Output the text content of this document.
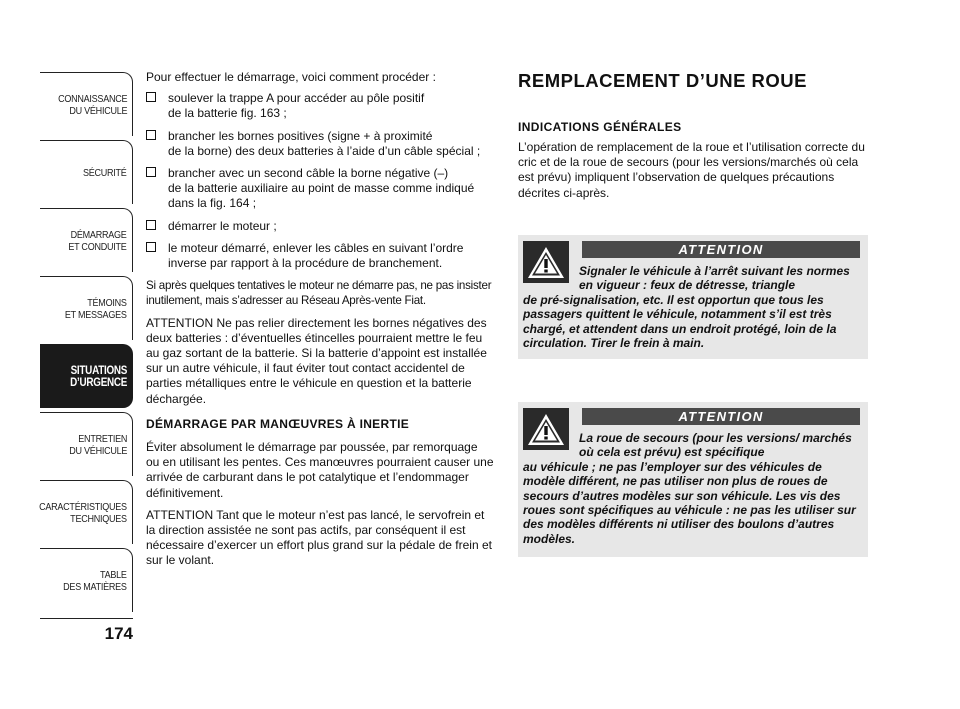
CONNAISSANCE
DU VÉHICULE
SÉCURITÉ
DÉMARRAGE
ET CONDUITE
TÉMOINS
ET MESSAGES
SITUATIONS
D’URGENCE
ENTRETIEN
DU VÉHICULE
CARACTÉRISTIQUES
TECHNIQUES
TABLE
DES MATIÈRES
174

Pour effectuer le démarrage, voici comment procéder :

soulever la trappe A pour accéder au pôle positif
de la batterie fig. 163 ;
brancher les bornes positives (signe + à proximité
de la borne) des deux batteries à l’aide d’un câble spécial ;
brancher avec un second câble la borne négative (–)
de la batterie auxiliaire au point de masse comme indiqué dans la fig. 164 ;
démarrer le moteur ;
le moteur démarré, enlever les câbles en suivant l’ordre
inverse par rapport à la procédure de branchement.

Si après quelques tentatives le moteur ne démarre pas, ne pas insister inutilement, mais s’adresser au Réseau Après-vente Fiat.

ATTENTION Ne pas relier directement les bornes négatives des deux batteries : d’éventuelles étincelles pourraient mettre le feu au gaz sortant de la batterie. Si la batterie d’appoint est installée sur un autre véhicule, il faut éviter tout contact accidentel de parties métalliques entre le véhicule en question et la batterie déchargée.

DÉMARRAGE PAR MANŒUVRES À INERTIE

Éviter absolument le démarrage par poussée, par remorquage ou en utilisant les pentes. Ces manœuvres pourraient causer une arrivée de carburant dans le pot catalytique et l’endommager définitivement.

ATTENTION Tant que le moteur n’est pas lancé, le servofrein et la direction assistée ne sont pas actifs, par conséquent il est nécessaire d’exercer un effort plus grand sur la pédale de frein et sur le volant.

REMPLACEMENT D’UNE ROUE
INDICATIONS GÉNÉRALES

L’opération de remplacement de la roue et l’utilisation correcte du cric et de la roue de secours (pour les versions/marchés où cela est prévu) impliquent l’observation de quelques précautions décrites ci-après.

ATTENTION
Signaler le véhicule à l’arrêt suivant les normes en vigueur : feux de détresse, triangle
de pré-signalisation, etc. Il est opportun que tous les passagers quittent le véhicule, notamment s’il est très chargé, et attendent dans un endroit protégé, loin de la circulation. Tirer le frein à main.
ATTENTION
La roue de secours (pour les versions/ marchés où cela est prévu) est spécifique
au véhicule ; ne pas l’employer sur des véhicules de modèle différent, ne pas utiliser non plus de roues de secours d’autres modèles sur son véhicule. Les vis des roues sont spécifiques au véhicule : ne pas les utiliser sur des modèles différents ni utiliser des boulons d’autres modèles.
